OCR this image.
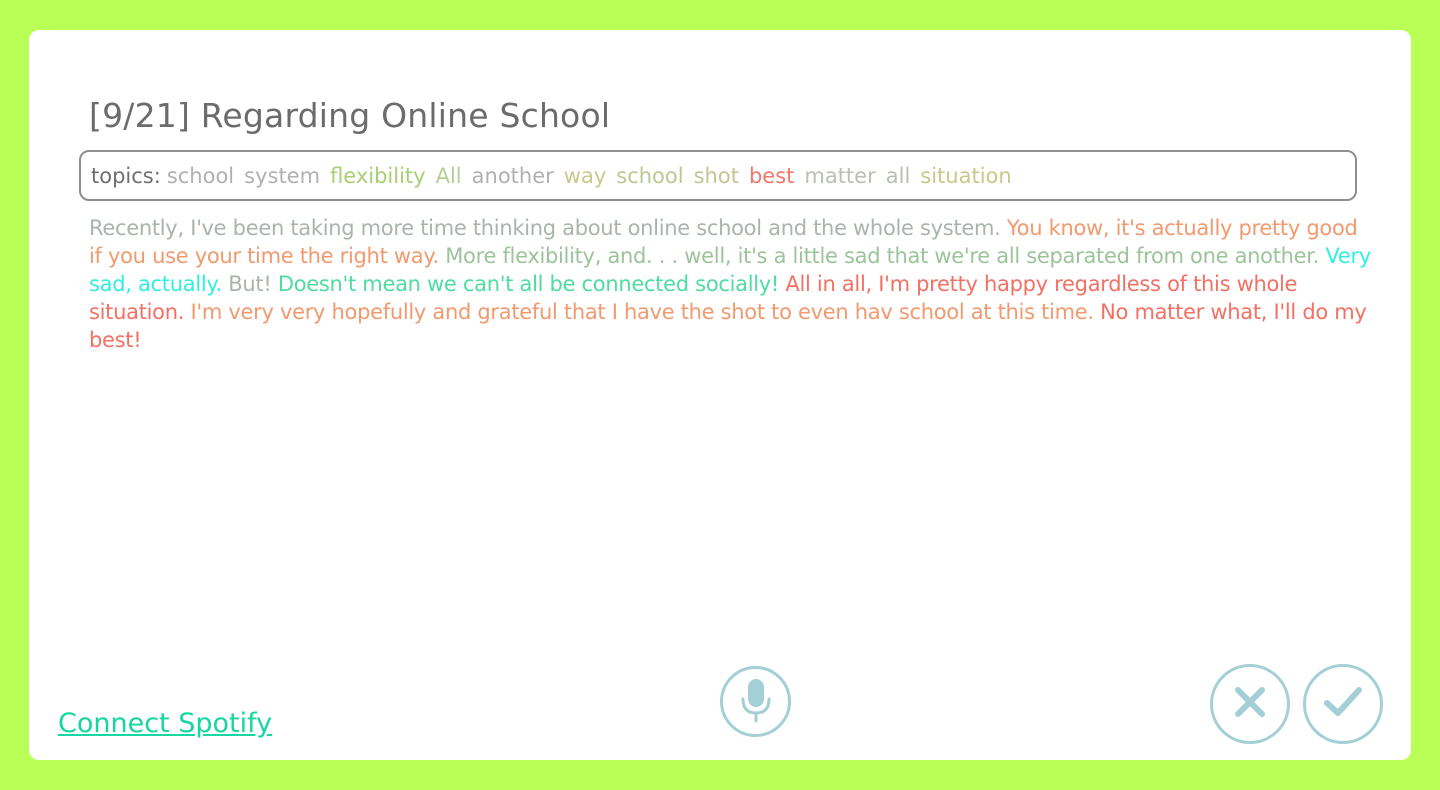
[9/21] Regarding Online School
topics: school system flexibility All another way school shot best matter all situation
Recently, I've been taking more time thinking about online school and the whole system. You know, it's actually pretty good if you use your time the right way. More flexibility, and. . . well, it's a little sad that we're all separated from one another. Very sad, actually. But! Doesn't mean we can't all be connected socially! All in all, I'm pretty happy regardless of this whole situation. I'm very very hopefully and grateful that I have the shot to even hav school at this time. No matter what, I'll do my best!
Connect Spotify
